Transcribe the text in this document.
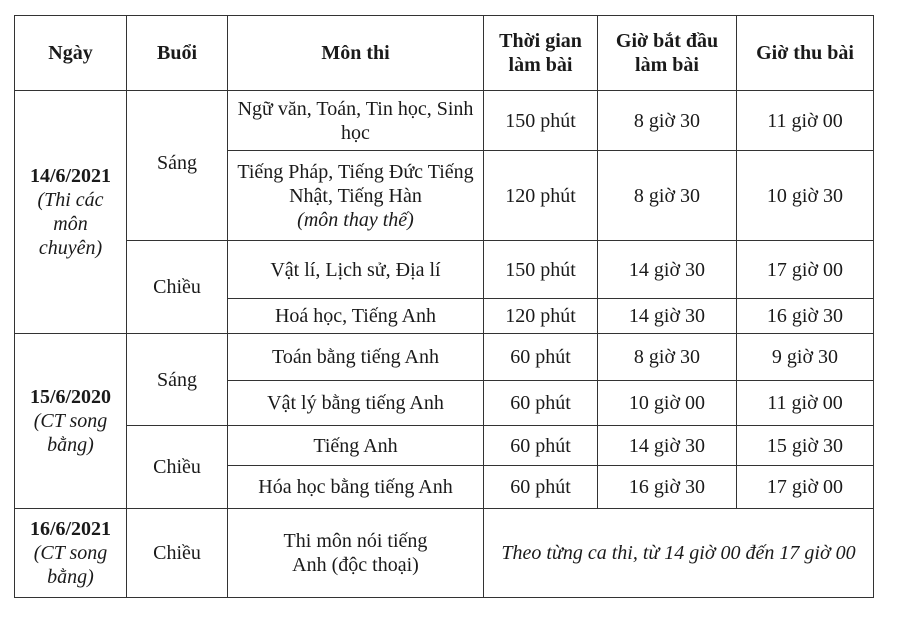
Ngày	Buổi	Môn thi	Thời gian làm bài	Giờ bắt đầu làm bài	Giờ thu bài

14/6/2021
(Thi các môn chuyên)	Sáng	Ngữ văn, Toán, Tin học, Sinh học	150 phút	8 giờ 30	11 giờ 00

		Tiếng Pháp, Tiếng Đức Tiếng Nhật, Tiếng Hàn
(môn thay thế)	120 phút	8 giờ 30	10 giờ 30
	Chiều	Vật lí, Lịch sử, Địa lí	150 phút	14 giờ 30	17 giờ 00
		Hoá học, Tiếng Anh	120 phút	14 giờ 30	16 giờ 30

15/6/2020
(CT song bằng)	Sáng	Toán bằng tiếng Anh	60 phút	8 giờ 30	9 giờ 30
		Vật lý bằng tiếng Anh	60 phút	10 giờ 00	11 giờ 00
	Chiều	Tiếng Anh	60 phút	14 giờ 30	15 giờ 30
		Hóa học bằng tiếng Anh	60 phút	16 giờ 30	17 giờ 00

16/6/2021
(CT song bằng)	Chiều	Thi môn nói tiếng Anh (độc thoại)	Theo từng ca thi, từ 14 giờ 00 đến 17 giờ 00		
